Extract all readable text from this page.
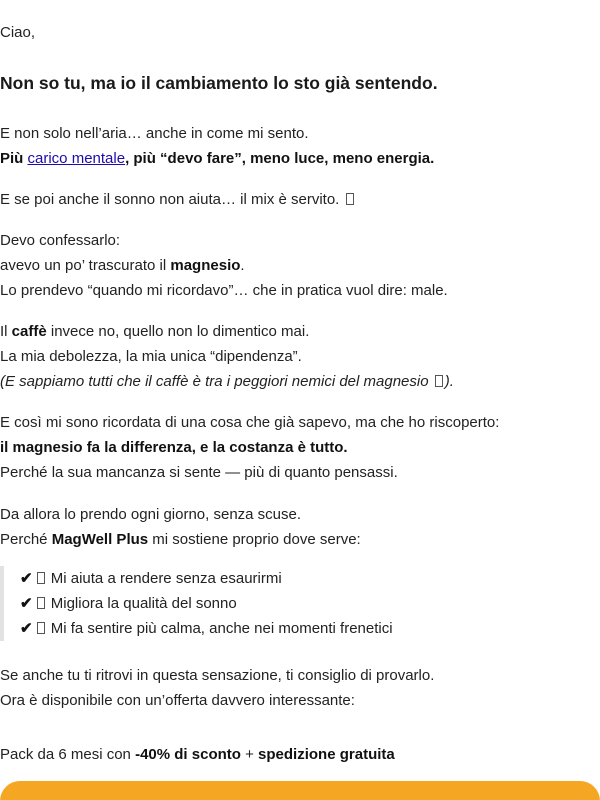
Ciao,
Non so tu, ma io il cambiamento lo sto già sentendo.
E non solo nell’aria… anche in come mi sento.
Più carico mentale, più “devo fare”, meno luce, meno energia.
E se poi anche il sonno non aiuta… il mix è servito.
Devo confessarlo:
avevo un po’ trascurato il magnesio.
Lo prendevo “quando mi ricordavo”… che in pratica vuol dire: male.
Il caffè invece no, quello non lo dimentico mai.
La mia debolezza, la mia unica “dipendenza”.
(E sappiamo tutti che il caffè è tra i peggiori nemici del magnesio ).
E così mi sono ricordata di una cosa che già sapevo, ma che ho riscoperto:
il magnesio fa la differenza, e la costanza è tutto.
Perché la sua mancanza si sente — più di quanto pensassi.
Da allora lo prendo ogni giorno, senza scuse.
Perché MagWell Plus mi sostiene proprio dove serve:
✔ Mi aiuta a rendere senza esaurirmi
✔ Migliora la qualità del sonno
✔ Mi fa sentire più calma, anche nei momenti frenetici
Se anche tu ti ritrovi in questa sensazione, ti consiglio di provarlo.
Ora è disponibile con un’offerta davvero interessante:
Pack da 6 mesi con -40% di sconto + spedizione gratuita
